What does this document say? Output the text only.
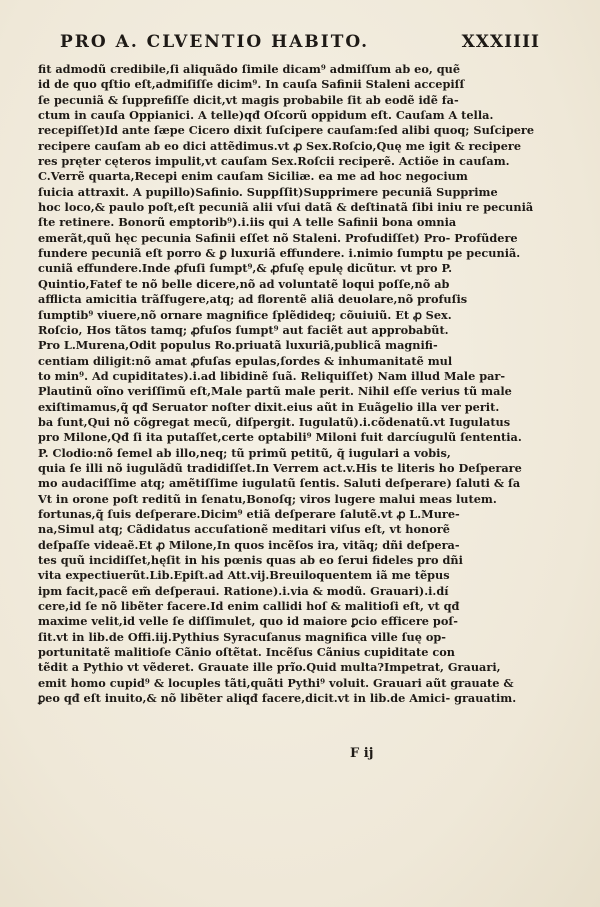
PRO A. CLVENTIO HABITO.	XXXIIII
fit admodũ credibile,ſi aliquãdo ſimile dicam⁹ admiſſum ab eo, quẽ
id de quo qſtio eſt,admiſiſſe dicim⁹. In cauſa Safinii Staleni accepiſſ
ſe pecuniã & ſupprefiſſe dicit,vt magis probabile ſit ab eodẽ idẽ fa-
ctum in cauſa Oppianici. A telle)qđ Oſcorũ oppidum eſt. Cauſam A tella.
recepiſſet)Id ante ſæpe Cicero dixit ſuſcipere cauſam:ſed alibi quoq; Suſcipere
recipere cauſam ab eo dici attẽdimus.vt ꝓ Sex.Roſcio,Quę me igit & recipere
res pręter cęteros impulit,vt cauſam Sex.Roſcii reciperẽ. Actiõe in cauſam.
C.Verrẽ quarta,Recepi enim cauſam Siciliæ. ea me ad hoc negocium
ſuicia attraxit. A pupillo)Safinio. Suppſſit)Supprimere pecuniã Supprime
hoc loco,& paulo poſt,eſt pecuniã alii vſui datã & deſtinatã ſibi iniu re pecuniã
ſte retinere. Bonorũ emptorib⁹).i.iis qui A telle Safinii bona omnia
emerãt,quũ hęc pecunia Safinii eſſet nõ Staleni. Profudiſſet) Pro- Profũdere
fundere pecuniã eſt porro & ꝑ luxuriã effundere. i.nimio ſumptu pe pecuniã.
cuniã effundere.Inde ꝓfuſi ſumpt⁹,& ꝓfuſę epulę dicũtur. vt pro P.
Quintio,Fatef te nõ belle dicere,nõ ad voluntatẽ loqui poſſe,nõ ab
afflicta amicitia trãſfugere,atq; ad florentẽ aliã deuolare,nõ profuſis
ſumptib⁹ viuere,nõ ornare magnifice ſplẽdideq; cõuiuiũ. Et ꝓ Sex.
Roſcio, Hos tãtos tamq; ꝓfuſos ſumpt⁹ aut faciẽt aut approbabũt.
Pro L.Murena,Odit populus Ro.priuatã luxuriã,publicã magnifi-
centiam diligit:nõ amat ꝓfuſas epulas,ſordes & inhumanitatẽ mul
to min⁹. Ad cupiditates).i.ad libidinẽ ſuã. Reliquiſſet) Nam illud Male par-
Plautinũ oĩno veriſſimũ eſt,Male partũ male perit. Nihil eſſe verius tũ male
exiſtimamus,q̃ qđ Seruator noſter dixit.eius aũt in Euãgelio illa ver perit.
ba ſunt,Qui nõ cõgregat mecũ, diſpergit. Iugulatũ).i.cõdenatũ.vt Iugulatus
pro Milone,Qđ ſi ita putaſſet,certe optabili⁹ Miloni fuit darcíugulũ ſententia.
P. Clodio:nõ ſemel ab illo,neq; tũ primũ petitũ, q̃ iugulari a vobis,
quia ſe illi nõ iugulãdũ tradidiſſet.In Verrem act.v.His te literis ho Deſperare
mo audaciſſime atq; amẽtiſſime iugulatũ ſentis. Saluti deſperare) ſaluti & ſa
Vt in orone poſt reditũ in ſenatu,Bonoſq; viros lugere malui meas lutem.
fortunas,q̃ ſuis deſperare.Dicim⁹ etiã deſperare ſalutẽ.vt ꝓ L.Mure-
na,Simul atq; Cãdidatus accuſationẽ meditari viſus eſt, vt honorẽ
deſpaſſe videaẽ.Et ꝓ Milone,In quos incẽſos ira, vitãq; dñi deſpera-
tes quũ incidiſſet,hęſit in his pœnis quas ab eo ſerui fideles pro dñi
vita expectiuerũt.Lib.Epiſt.ad Att.vij.Breuiloquentem iã me tẽpus
ipm facit,pacẽ em̃ deſperaui. Ratione).i.via & modũ. Grauari).i.dí
cere,id ſe nõ libẽter facere.Id enim callidi hoſ & malitioſi eſt, vt qđ
maxime velit,id velle ſe diſſimulet, quo id maiore ꝑcio efficere poſ-
ſit.vt in lib.de Offi.iij.Pythius Syracuſanus magnifica ville ſuę op-
portunitatẽ malitioſe Cãnio oſtẽtat. Incẽſus Cãnius cupiditate con
tẽdit a Pythio vt vẽderet. Grauate ille prĩo.Quid multa?Impetrat, Grauari,
emit homo cupid⁹ & locuples tãti,quãti Pythi⁹ voluit. Grauari aũt grauate &
ꝑeo qđ eſt inuito,& nõ libẽter aliqđ facere,dicit.vt in lib.de Amici- grauatim.
F ij
